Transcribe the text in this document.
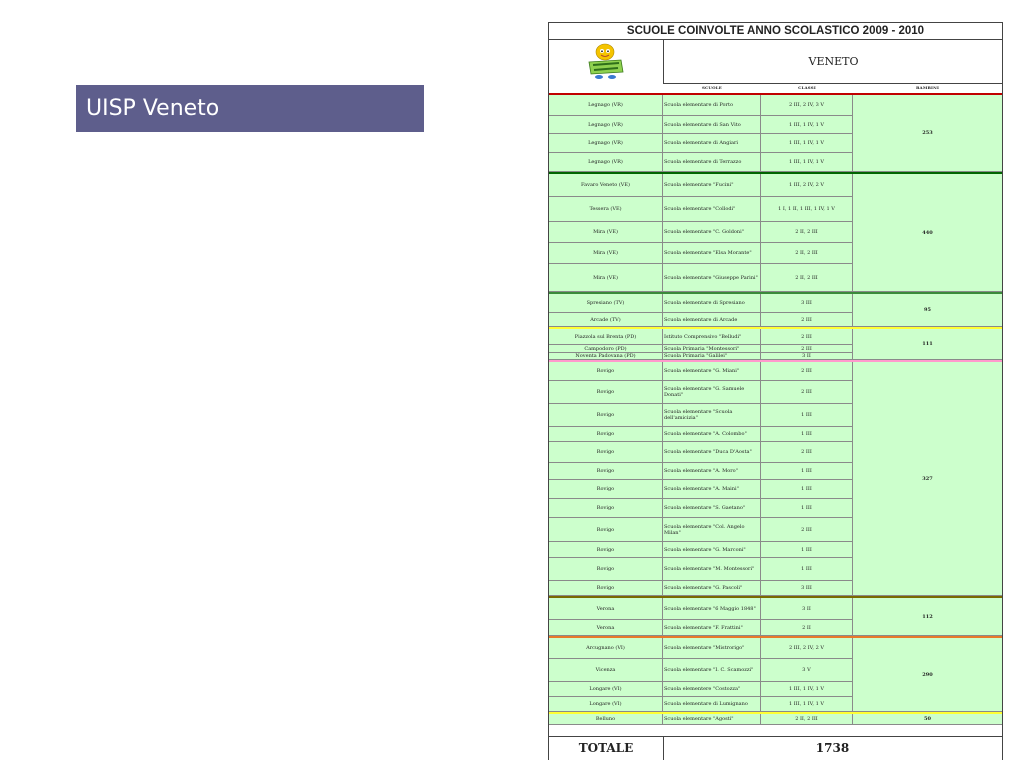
UISP Veneto
SCUOLE COINVOLTE ANNO SCOLASTICO 2009 - 2010
VENETO
SCUOLE	CLASSI	BAMBINI
Legnago (VR)	Scuola elementare di Porto	2 III, 2 IV, 3 V
Legnago (VR)	Scuola elementare di San Vito	1 III, 1 IV, 1 V
Legnago (VR)	Scuola elementare di Angiari	1 III, 1 IV, 1 V
Legnago (VR)	Scuola elementare di Terrazzo	1 III, 1 IV, 1 V
253
Favaro Veneto (VE)	Scuola elementare "Fucini"	1 III, 2 IV, 2 V
Tessera (VE)	Scuola elementare "Collodi"	1 I, 1 II, 1 III, 1 IV, 1 V
Mira (VE)	Scuola elementare "C. Goldoni"	2 II, 2 III
Mira (VE)	Scuola elementare "Elsa Morante"	2 II, 2 III
Mira (VE)	Scuola elementare "Giuseppe Parini"	2 II, 2 III
440
Spresiano (TV)	Scuola elementare di Spresiano	3 III
Arcade (TV)	Scuola elementare di Arcade	2 III
95
Piazzola sul Brenta (PD)	Istituto Comprensivo "Belludi"	2 III
Campodoro (PD)	Scuola Primaria "Montessori"	2 III
Noventa Padovana (PD)	Scuola Primaria "Galilei"	3 II
111
Rovigo	Scuola elementare "G. Miani"	2 III
Rovigo	Scuola elementare "G. Samuele Donati"	2 III
Rovigo	Scuola elementare "Scuola dell'amicizia"	1 III
Rovigo	Scuola elementare "A. Colombo"	1 III
Rovigo	Scuola elementare "Duca D'Aosta"	2 III
Rovigo	Scuola elementare "A. Moro"	1 III
Rovigo	Scuola elementare "A. Maini"	1 III
Rovigo	Scuola elementare "S. Gaetano"	1 III
Rovigo	Scuola elementare "Col. Angelo Milan"	2 III
Rovigo	Scuola elementare "G. Marconi"	1 III
Rovigo	Scuola elementare "M. Montessori"	1 III
Rovigo	Scuola elementare "G. Pascoli"	3 III
327
Verona	Scuola elementare "6 Maggio 1848"	3 II
Verona	Scuola elementare "F. Frattini"	2 II
112
Arcugnano (VI)	Scuola elementare "Mistrorigo"	2 III, 2 IV, 2 V
Vicenza	Scuola elementare "I. C. Scamozzi"	3 V
Longare (VI)	Scuola elementere "Costozza"	1 III, 1 IV, 1 V
Longare (VI)	Scuola elementare di Lumignano	1 III, 1 IV, 1 V
290
Belluno	Scuola elementare "Agosti"	2 II, 2 III	50
TOTALE	1738
